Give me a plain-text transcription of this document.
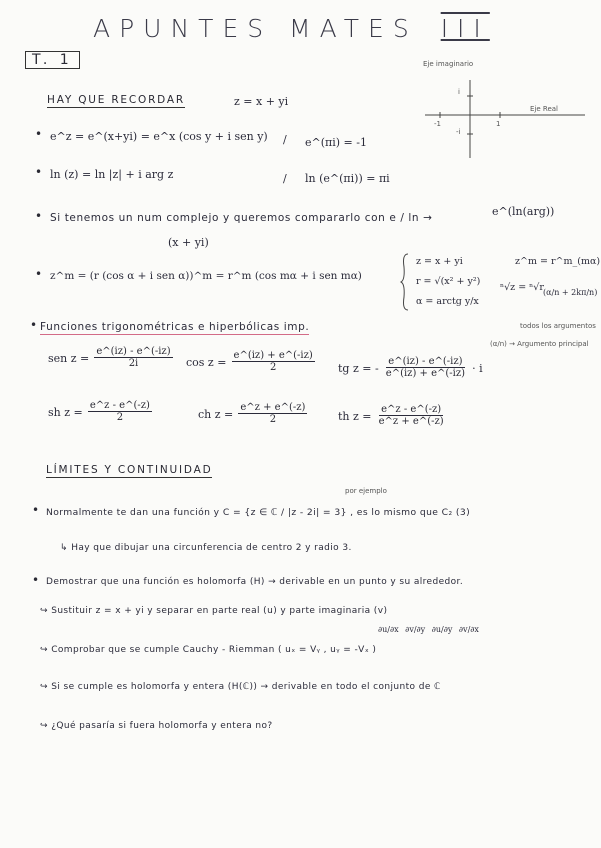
APUNTES MATES III
T. 1	Eje imaginario
Eje Real
i
-i
-1	1
HAY QUE RECORDAR	z = x + yi
• e^z = e^(x+yi) = e^x (cos y + i sen y) / e^(πi) = -1
• ln (z) = ln |z| + i arg z	/ ln (e^(πi)) = πi
• Si tenemos un num complejo y queremos compararlo con e / ln →	e^(ln(arg))
(x + yi)
• z^m = (r (cos α + i sen α))^m = r^m (cos mα + i sen mα)
z = x + yi
r = √(x² + y²)
α = arctg y/x
z^m = r^m_(mα)
ⁿ√z = ⁿ√r (α/n + 2kπ/n)
todos los argumentos
(α/n) → Argumento principal
• Funciones trigonométricas e hiperbólicas imp.
sen $z = \frac{e\^{}(iz) - e\^{}(-iz)}{2i}$ $\cos z = \frac{e\^{}(iz) + e\^{}(-iz)}{2}$ tg z = - $\frac{e\^{}(iz) - e\^{}(-iz)}{e\^{}(iz) + e\^{}(-iz)} \cdot i$
sh $z = \frac{e\^{}z - e\^{}(-z)}{2}$	ch $z = \frac{e\^{}z + e\^{}(-z)}{2}$	th $z = \frac{e\^{}z - e\^{}(-z)}{e\^{}z + e\^{}(-z)}$
LÍMITES Y CONTINUIDAD
por ejemplo
• Normalmente te dan una función y C = {z ∈ ℂ / |z - 2i| = 3} , es lo mismo que C₂ (3)
↳ Hay que dibujar una circunferencia de centro 2 y radio 3.
• Demostrar que una función es holomorfa (H) → derivable en un punto y su alrededor.
↪ Sustituir z = x + yi y separar en parte real (u) y parte imaginaria (v)
∂u/∂x ∂v/∂y ∂u/∂y ∂v/∂x
↪ Comprobar que se cumple Cauchy - Riemman ( uₓ = Vᵧ , uᵧ = -Vₓ )
↪ Si se cumple es holomorfa y entera (H(ℂ)) → derivable en todo el conjunto de ℂ
↪ ¿Qué pasaría si fuera holomorfa y entera no?
